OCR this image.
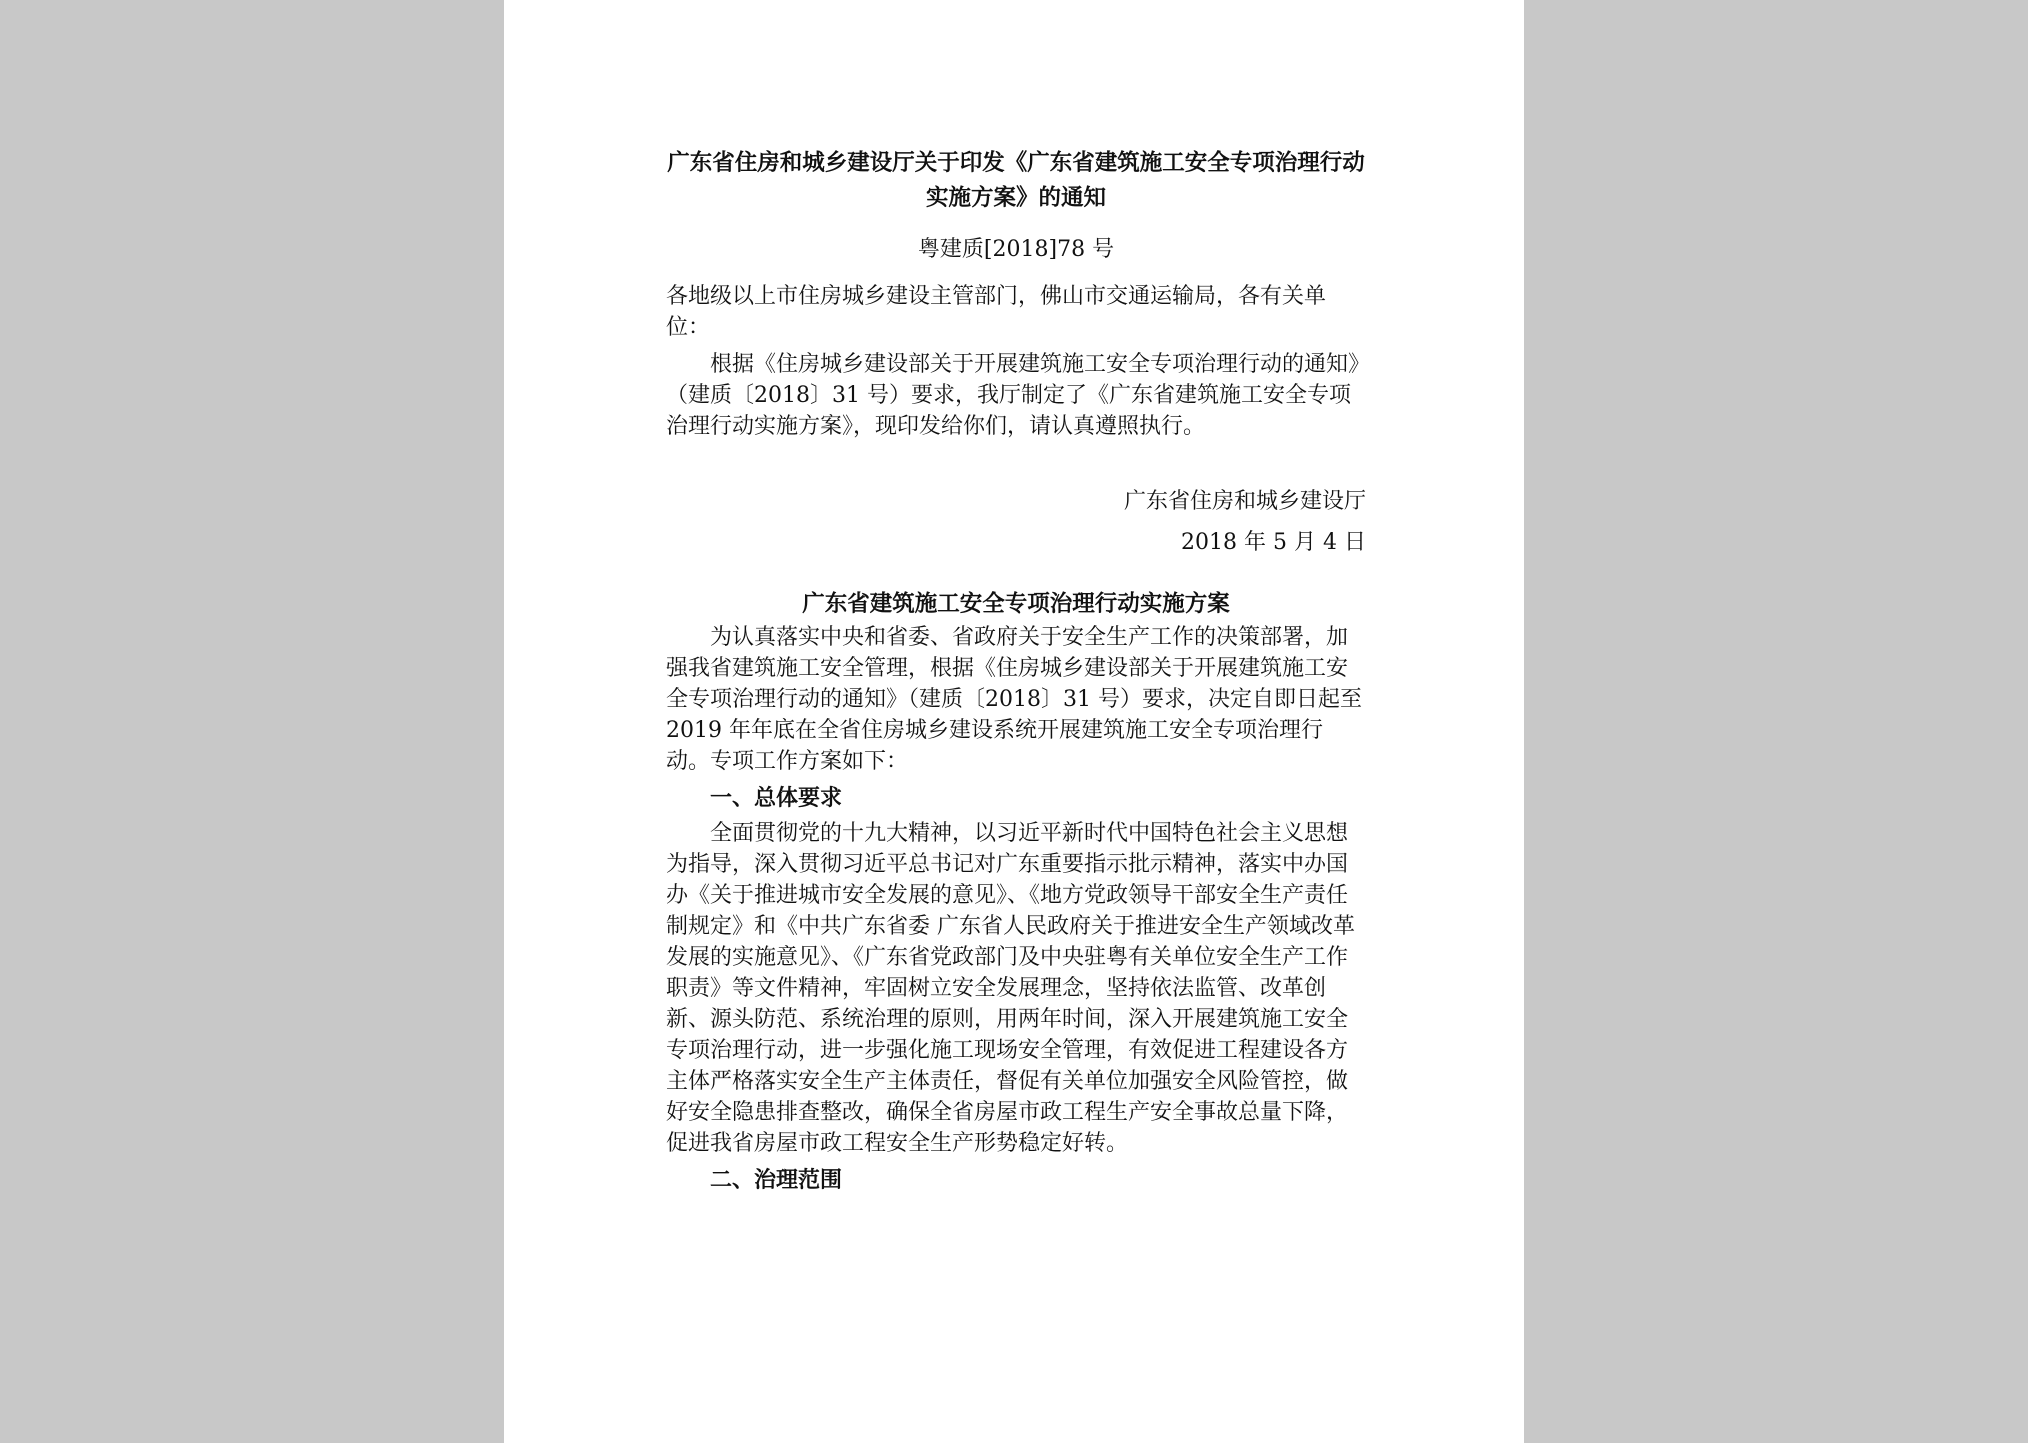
广东省住房和城乡建设厅关于印发《广东省建筑施工安全专项治理行动实施方案》的通知

粤建质[2018]78 号

各地级以上市住房城乡建设主管部门，佛山市交通运输局，各有关单位：

根据《住房城乡建设部关于开展建筑施工安全专项治理行动的通知》（建质〔2018〕31 号）要求，我厅制定了《广东省建筑施工安全专项治理行动实施方案》，现印发给你们，请认真遵照执行。

广东省住房和城乡建设厅

2018 年 5 月 4 日

广东省建筑施工安全专项治理行动实施方案

为认真落实中央和省委、省政府关于安全生产工作的决策部署，加强我省建筑施工安全管理，根据《住房城乡建设部关于开展建筑施工安全专项治理行动的通知》（建质〔2018〕31 号）要求，决定自即日起至 2019 年年底在全省住房城乡建设系统开展建筑施工安全专项治理行动。专项工作方案如下：

一、总体要求

全面贯彻党的十九大精神，以习近平新时代中国特色社会主义思想为指导，深入贯彻习近平总书记对广东重要指示批示精神，落实中办国办《关于推进城市安全发展的意见》、《地方党政领导干部安全生产责任制规定》和《中共广东省委 广东省人民政府关于推进安全生产领域改革发展的实施意见》、《广东省党政部门及中央驻粤有关单位安全生产工作职责》等文件精神，牢固树立安全发展理念，坚持依法监管、改革创新、源头防范、系统治理的原则，用两年时间，深入开展建筑施工安全专项治理行动，进一步强化施工现场安全管理，有效促进工程建设各方主体严格落实安全生产主体责任，督促有关单位加强安全风险管控，做好安全隐患排查整改，确保全省房屋市政工程生产安全事故总量下降，促进我省房屋市政工程安全生产形势稳定好转。

二、治理范围
